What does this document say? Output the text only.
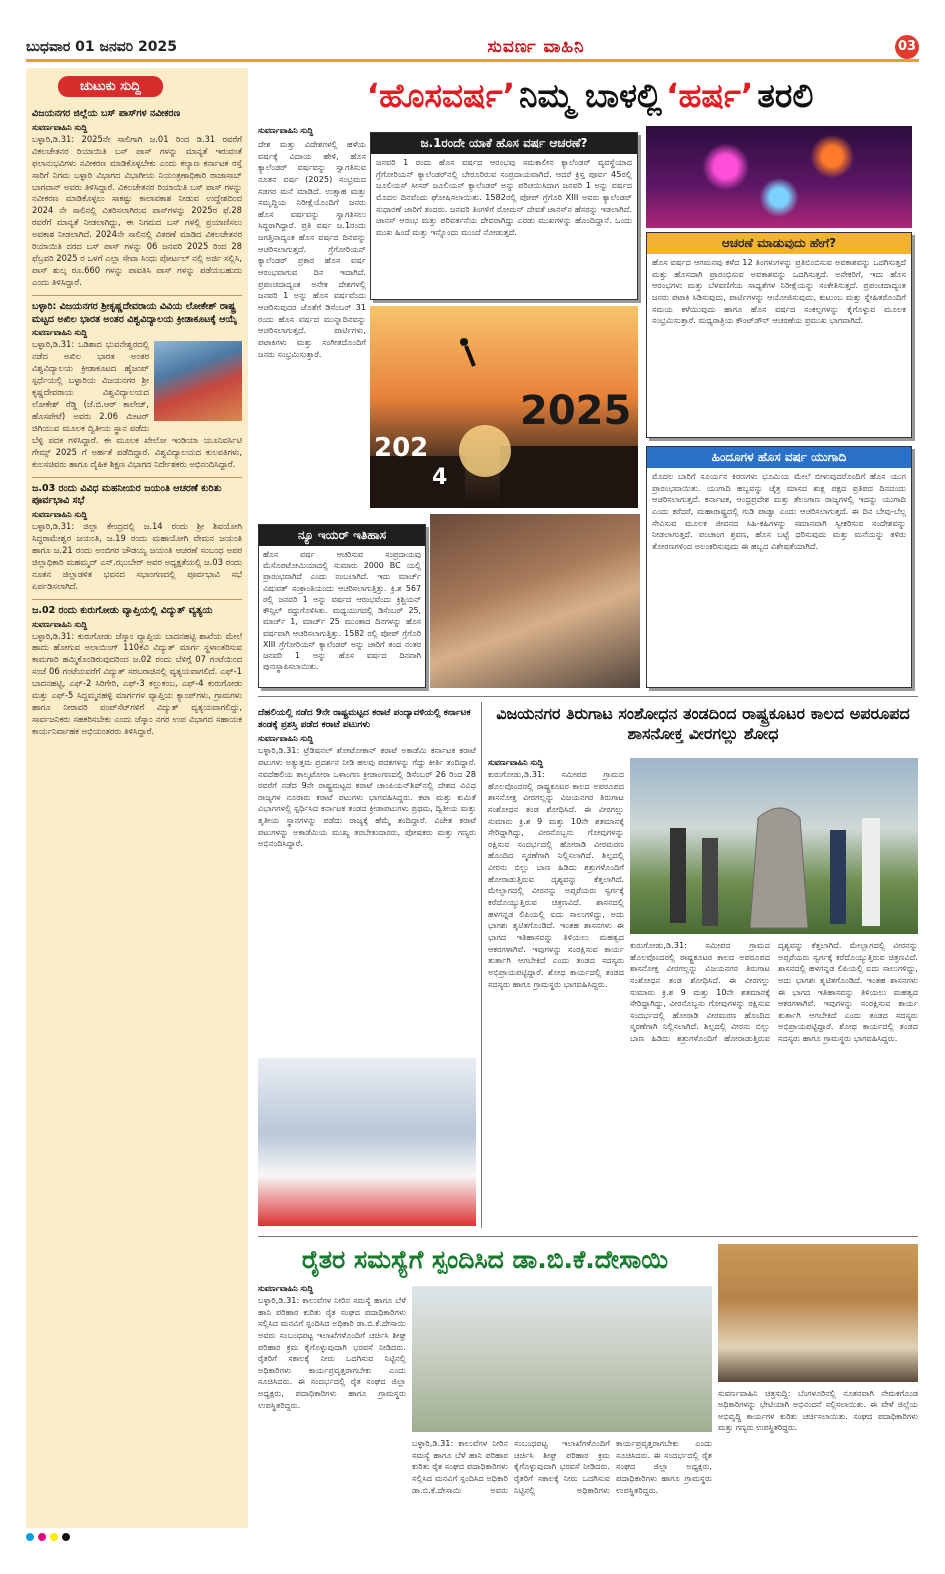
ಬುಧವಾರ 01 ಜನವರಿ 2025	ಸುವರ್ಣ ವಾಹಿನಿ	03
ಚುಟುಕು ಸುದ್ದಿ
ವಿಜಯನಗರ ಜಿಲ್ಲೆಯ ಬಸ್ ಪಾಸ್‌ಗಳ ನವೀಕರಣ
ಸುವರ್ಣವಾಹಿನಿ ಸುದ್ದಿ
ಬಳ್ಳಾರಿ,ಡಿ.31: 2025ನೇ ಸಾಲಿಗಾಗಿ ಜ.01 ರಿಂದ ಡಿ.31 ರವರೆಗೆ ವಿಕಲಚೇತನರ ರಿಯಾಯಿತಿ ಬಸ್ ಪಾಸ್ ಗಳನ್ನು ಮಾನ್ಯತೆ ಇರುವಂತೆ ಫಲಾನುಭವಿಗಳು ನವೀಕರಣ ಮಾಡಿಕೊಳ್ಳಬೇಕು ಎಂದು ಕಲ್ಯಾಣ ಕರ್ನಾಟಕ ರಸ್ತೆ ಸಾರಿಗೆ ನಿಗಮ ಬಳ್ಳಾರಿ ವಿಭಾಗದ ವಿಭಾಗೀಯ ನಿಯಂತ್ರಣಾಧಿಕಾರಿ ರಾಜಾಸಾಬ್ ಬಾಗವಾನ್ ಅವರು ತಿಳಿಸಿದ್ದಾರೆ. ವಿಕಲಚೇತನರ ರಿಯಾಯಿತಿ ಬಸ್ ಪಾಸ್ ಗಳನ್ನು ನವೀಕರಣ ಮಾಡಿಕೊಳ್ಳಲು ಸಾಕಷ್ಟು ಕಾಲಾವಕಾಶ ನೀಡುವ ಉದ್ದೇಶದಿಂದ 2024 ನೇ ಸಾಲಿನಲ್ಲಿ ವಿತರಿಸಲಾಗಿರುವ ಪಾಸ್‌ಗಳನ್ನು 2025ರ ಫೆ.28 ರವರೆಗೆ ಮಾನ್ಯತೆ ನೀಡಲಾಗಿದ್ದು, ಈ ನಿಗಮದ ಬಸ್ ಗಳಲ್ಲಿ ಪ್ರಯಾಣಿಸಲು ಅವಕಾಶ ನೀಡಲಾಗಿದೆ. 2024ನೇ ಸಾಲಿನಲ್ಲಿ ವಿತರಣೆ ಮಾಡಿದ ವಿಕಲಚೇತನರ ರಿಯಾಯಿತಿ ದರದ ಬಸ್ ಪಾಸ್ ಗಳನ್ನು 06 ಜನವರಿ 2025 ರಿಂದ 28 ಫೆಬ್ರವರಿ 2025 ರ ಒಳಗೆ ಎಲ್ಲಾ ಸೇವಾ ಸಿಂಧು ಪೋರ್ಟಲ್ ನಲ್ಲಿ ಅರ್ಜಿ ಸಲ್ಲಿಸಿ, ಪಾಸ್ ಶುಲ್ಕ ರೂ.660 ಗಳನ್ನು ಪಾವತಿಸಿ ಪಾಸ್ ಗಳನ್ನು ಪಡೆಯಬಹುದು ಎಂದು ತಿಳಿಸಿದ್ದಾರೆ.
ಬಳ್ಳಾರಿ: ವಿಜಯನಗರ ಶ್ರೀಕೃಷ್ಣದೇವರಾಯ ವಿವಿಯ ಲೋಕೇಶ್ ರಾಷ್ಟ್ರ ಮಟ್ಟದ ಅಖಿಲ ಭಾರತ ಅಂತರ ವಿಶ್ವವಿದ್ಯಾಲಯ ಕ್ರೀಡಾಕೂಟಕ್ಕೆ ಆಯ್ಕೆ
ಸುವರ್ಣವಾಹಿನಿ ಸುದ್ದಿ
ಬಳ್ಳಾರಿ,ಡಿ.31: ಒಡಿಶಾದ ಭುವನೇಶ್ವರದಲ್ಲಿ ನಡೆದ ಅಖಿಲ ಭಾರತ ಅಂತರ ವಿಶ್ವವಿದ್ಯಾಲಯ ಕ್ರೀಡಾಕೂಟದ ಹೈಜಂಪ್ ಸ್ಪರ್ಧೆಯಲ್ಲಿ ಬಳ್ಳಾರಿಯ ವಿಜಯನಗರ ಶ್ರೀ ಕೃಷ್ಣದೇವರಾಯ ವಿಶ್ವವಿದ್ಯಾಲಯದ ಲೋಕೇಶ್ ರೆಡ್ಡಿ (ಜೆ.ಬಿ.ಆರ್ ಕಾಲೇಜ್, ಹೊಸಪೇಟೆ) ಅವರು 2.06 ಮೀಟರ್ ಜಿಗಿಯುವ ಮೂಲಕ ದ್ವಿತೀಯ ಸ್ಥಾನ ಪಡೆದು ಬೆಳ್ಳಿ ಪದಕ ಗಳಿಸಿದ್ದಾರೆ. ಈ ಮೂಲಕ ಖೇಲೋ ಇಂಡಿಯಾ ಯೂನಿವರ್ಸಿಟಿ ಗೇಮ್ಸ್ 2025 ಗೆ ಅರ್ಹತೆ ಪಡೆದಿದ್ದಾರೆ. ವಿಶ್ವವಿದ್ಯಾಲಯದ ಕುಲಪತಿಗಳು, ಕುಲಸಚಿವರು ಹಾಗೂ ದೈಹಿಕ ಶಿಕ್ಷಣ ವಿಭಾಗದ ನಿರ್ದೇಶಕರು ಅಭಿನಂದಿಸಿದ್ದಾರೆ.
ಜ.03 ರಂದು ವಿವಿಧ ಮಹನೀಯರ ಜಯಂತಿ ಆಚರಣೆ ಕುರಿತು ಪೂರ್ವಭಾವಿ ಸಭೆ
ಸುವರ್ಣವಾಹಿನಿ ಸುದ್ದಿ
ಬಳ್ಳಾರಿ,ಡಿ.31: ಜಿಲ್ಲಾ ಕೇಂದ್ರದಲ್ಲಿ ಜ.14 ರಂದು ಶ್ರೀ ಶಿವಯೋಗಿ ಸಿದ್ಧರಾಮೇಶ್ವರ ಜಯಂತಿ, ಜ.19 ರಂದು ಮಹಾಯೋಗಿ ವೇಮನ ಜಯಂತಿ ಹಾಗೂ ಜ.21 ರಂದು ಅಂಬಿಗರ ಚೌಡಯ್ಯ ಜಯಂತಿ ಆಚರಣೆ ಸಂಬಂಧ ಅಪರ ಜಿಲ್ಲಾಧಿಕಾರಿ ಮಹಮ್ಮದ್ ಎನ್.ಝುಬೇರ್ ಅವರ ಅಧ್ಯಕ್ಷತೆಯಲ್ಲಿ ಜ.03 ರಂದು ನೂತನ ಜಿಲ್ಲಾಡಳಿತ ಭವನದ ಸಭಾಂಗಣದಲ್ಲಿ ಪೂರ್ವಭಾವಿ ಸಭೆ ಏರ್ಪಡಿಸಲಾಗಿದೆ.
ಜ.02 ರಂದು ಕುರುಗೋಡು ವ್ಯಾಪ್ತಿಯಲ್ಲಿ ವಿದ್ಯುತ್ ವ್ಯತ್ಯಯ
ಸುವರ್ಣವಾಹಿನಿ ಸುದ್ದಿ
ಬಳ್ಳಾರಿ,ಡಿ.31: ಕುರುಗೋಡು ಜೆಸ್ಕಾಂ ವ್ಯಾಪ್ತಿಯ ಬಾದನಹಟ್ಟಿ ಶಾಖೆಯ ಮೇಲೆ ಹಾದು ಹೋಗುವ ಅಲಾಯಿಂಗ್ 110ಕೆವಿ ವಿದ್ಯುತ್ ಮಾರ್ಗ ಸ್ಥಳಾಂತರಿಸುವ ಕಾಮಗಾರಿ ಹಮ್ಮಿಕೊಂಡಿರುವುದರಿಂದ ಜ.02 ರಂದು ಬೆಳಿಗ್ಗೆ 07 ಗಂಟೆಯಿಂದ ಸಂಜೆ 06 ಗಂಟೆಯವರೆಗೆ ವಿದ್ಯುತ್ ಸರಬರಾಜಿನಲ್ಲಿ ವ್ಯತ್ಯಯವಾಗಲಿದೆ. ಎಫ್-1 ಬಾದನಹಟ್ಟಿ, ಎಫ್-2 ಸಿರಿಗೇರಿ, ಎಫ್-3 ಕಲ್ಲುಕಂಬ, ಎಫ್-4 ಕುರುಗೋಡು ಮತ್ತು ಎಫ್-5 ಸಿದ್ದಮ್ಮನಹಳ್ಳಿ ಮಾರ್ಗಗಳ ವ್ಯಾಪ್ತಿಯ ಕ್ಯಾಂಪ್‌ಗಳು, ಗ್ರಾಮಗಳು ಹಾಗೂ ನೀರಾವರಿ ಪಂಪ್‌ಸೆಟ್‌ಗಳಿಗೆ ವಿದ್ಯುತ್ ವ್ಯತ್ಯಯವಾಗಲಿದ್ದು, ಸಾರ್ವಜನಿಕರು ಸಹಕರಿಸಬೇಕು ಎಂದು ಜೆಸ್ಕಾಂ ನಗರ ಉಪ ವಿಭಾಗದ ಸಹಾಯಕ ಕಾರ್ಯನಿರ್ವಾಹಕ ಅಭಿಯಂತರರು ತಿಳಿಸಿದ್ದಾರೆ.
‘ಹೊಸವರ್ಷ’ ನಿಮ್ಮ ಬಾಳಲ್ಲಿ ‘ಹರ್ಷ’ ತರಲಿ
ಸುವರ್ಣವಾಹಿನಿ ಸುದ್ದಿ
ದೇಶ ಮತ್ತು ವಿದೇಶಗಳಲ್ಲಿ ಹಳೆಯ ವರ್ಷಕ್ಕೆ ವಿದಾಯ ಹೇಳಿ, ಹೊಸ ಕ್ಯಾಲೆಂಡರ್ ವರ್ಷವನ್ನು ಸ್ವಾಗತಿಸುವ ನೂತನ ವರ್ಷ (2025) ಸಂಭ್ರಮದ ಸಡಗರ ಮನೆ ಮಾಡಿದೆ. ಉತ್ಸಾಹ ಮತ್ತು ಸಮೃದ್ಧಿಯ ನಿರೀಕ್ಷೆಯೊಂದಿಗೆ ಜನರು ಹೊಸ ವರ್ಷವನ್ನು ಸ್ವಾಗತಿಸಲು ಸಿದ್ಧರಾಗಿದ್ದಾರೆ. ಪ್ರತಿ ವರ್ಷ ಜ.1ರಂದು ಜಗತ್ತಿನಾದ್ಯಂತ ಹೊಸ ವರ್ಷದ ದಿನವನ್ನು ಆಚರಿಸಲಾಗುತ್ತದೆ. ಗ್ರೆಗೋರಿಯನ್ ಕ್ಯಾಲೆಂಡರ್ ಪ್ರಕಾರ ಹೊಸ ವರ್ಷ ಆರಂಭವಾಗುವ ದಿನ ಇದಾಗಿದೆ. ಪ್ರಪಂಚದಾದ್ಯಂತ ಅನೇಕ ದೇಶಗಳಲ್ಲಿ ಜನವರಿ 1 ಅನ್ನು ಹೊಸ ವರ್ಷವೆಂದು ಆಚರಿಸುವುದರ ಜೊತೆಗೆ ಡಿಸೆಂಬರ್ 31 ರಂದು ಹೊಸ ವರ್ಷದ ಮುನ್ನಾದಿನವನ್ನು ಆಚರಿಸಲಾಗುತ್ತದೆ. ಪಾರ್ಟಿಗಳು, ಪಟಾಕಿಗಳು ಮತ್ತು ಸಂಗೀತದೊಂದಿಗೆ ಜನರು ಸಂಭ್ರಮಿಸುತ್ತಾರೆ.
ಜ.1ರಂದೇ ಯಾಕೆ ಹೊಸ ವರ್ಷ ಆಚರಣೆ?
ಜನವರಿ 1 ರಂದು ಹೊಸ ವರ್ಷದ ಆರಂಭವು ಸಮಕಾಲೀನ ಕ್ಯಾಲೆಂಡರ್ ವ್ಯವಸ್ಥೆಯಾದ ಗ್ರೆಗೋರಿಯನ್ ಕ್ಯಾಲೆಂಡರ್‌ನಲ್ಲಿ ಬೇರೂರಿರುವ ಸಂಪ್ರದಾಯವಾಗಿದೆ. ಆದರೆ ಕ್ರಿಸ್ತ ಪೂರ್ವ 45ರಲ್ಲಿ ಜೂಲಿಯಸ್ ಸೀಸರ್ ಜೂಲಿಯನ್ ಕ್ಯಾಲೆಂಡರ್ ಅನ್ನು ಪರಿಚಯಿಸಿದಾಗ ಜನವರಿ 1 ಅನ್ನು ವರ್ಷದ ಮೊದಲ ದಿನವೆಂದು ಘೋಷಿಸಲಾಯಿತು. 1582ರಲ್ಲಿ ಪೋಪ್ ಗ್ರೆಗೊರಿ XIII ಅವರು ಕ್ಯಾಲೆಂಡರ್ ಸುಧಾರಣೆ ಜಾರಿಗೆ ತಂದರು. ಜನವರಿ ತಿಂಗಳಿಗೆ ರೋಮನ್ ದೇವತೆ ಜಾನಸ್‌ನ ಹೆಸರನ್ನು ಇಡಲಾಗಿದೆ. ಜಾನಸ್ ಆರಂಭ ಮತ್ತು ಪರಿವರ್ತನೆಯ ದೇವರಾಗಿದ್ದು ಎರಡು ಮುಖಗಳನ್ನು ಹೊಂದಿದ್ದಾನೆ. ಒಂದು ಮುಖ ಹಿಂದೆ ಮತ್ತು ಇನ್ನೊಂದು ಮುಂದೆ ನೋಡುತ್ತದೆ.
ಆಚರಣೆ ಮಾಡುವುದು ಹೇಗೆ?
ಹೊಸ ವರ್ಷದ ಆಗಮನವು ಕಳೆದ 12 ತಿಂಗಳುಗಳನ್ನು ಪ್ರತಿಬಿಂಬಿಸುವ ಅವಕಾಶವನ್ನು ಒದಗಿಸುತ್ತದೆ ಮತ್ತು ಹೊಸದಾಗಿ ಪ್ರಾರಂಭಿಸುವ ಅವಕಾಶವನ್ನು ಒದಗಿಸುತ್ತದೆ. ಅನೇಕರಿಗೆ, ಇದು ಹೊಸ ಆರಂಭಗಳು ಮತ್ತು ಬೆಳವಣಿಗೆಯ ಸಾಧ್ಯತೆಗಳ ನಿರೀಕ್ಷೆಯನ್ನು ಸಂಕೇತಿಸುತ್ತದೆ. ಪ್ರಪಂಚದಾದ್ಯಂತ ಜನರು ಪಟಾಕಿ ಸಿಡಿಸುವುದು, ಪಾರ್ಟಿಗಳನ್ನು ಆಯೋಜಿಸುವುದು, ಕುಟುಂಬ ಮತ್ತು ಸ್ನೇಹಿತರೊಂದಿಗೆ ಸಮಯ ಕಳೆಯುವುದು ಹಾಗೂ ಹೊಸ ವರ್ಷದ ಸಂಕಲ್ಪಗಳನ್ನು ಕೈಗೊಳ್ಳುವ ಮೂಲಕ ಸಂಭ್ರಮಿಸುತ್ತಾರೆ. ಮಧ್ಯರಾತ್ರಿಯ ಕೌಂಟ್‌ಡೌನ್ ಆಚರಣೆಯ ಪ್ರಮುಖ ಭಾಗವಾಗಿದೆ.
2025
202
4
ಹಿಂದೂಗಳ ಹೊಸ ವರ್ಷ ಯುಗಾದಿ
ಮೊದಲ ಬಾರಿಗೆ ಸೂರ್ಯನ ಕಿರಣಗಳು ಭೂಮಿಯ ಮೇಲೆ ಬೀಳುವುದರೊಂದಿಗೆ ಹೊಸ ಯುಗ ಪ್ರಾರಂಭವಾಯಿತು. ಯುಗಾದಿ ಹಬ್ಬವನ್ನು ಚೈತ್ರ ಮಾಸದ ಶುಕ್ಲ ಪಕ್ಷದ ಪ್ರತಿಪದ ದಿನದಂದು ಆಚರಿಸಲಾಗುತ್ತದೆ. ಕರ್ನಾಟಕ, ಆಂಧ್ರಪ್ರದೇಶ ಮತ್ತು ತೆಲಂಗಾಣ ರಾಜ್ಯಗಳಲ್ಲಿ ಇದನ್ನು ಯುಗಾದಿ ಎಂದು ಕರೆದರೆ, ಮಹಾರಾಷ್ಟ್ರದಲ್ಲಿ ಗುಡಿ ಪಾಡ್ವಾ ಎಂದು ಆಚರಿಸಲಾಗುತ್ತದೆ. ಈ ದಿನ ಬೇವು-ಬೆಲ್ಲ ಸೇವಿಸುವ ಮೂಲಕ ಜೀವನದ ಸಿಹಿ-ಕಹಿಗಳನ್ನು ಸಮಾನವಾಗಿ ಸ್ವೀಕರಿಸುವ ಸಂದೇಶವನ್ನು ನೀಡಲಾಗುತ್ತದೆ. ಪಂಚಾಂಗ ಶ್ರವಣ, ಹೊಸ ಬಟ್ಟೆ ಧರಿಸುವುದು ಮತ್ತು ಮನೆಯನ್ನು ತಳಿರು ತೋರಣಗಳಿಂದ ಅಲಂಕರಿಸುವುದು ಈ ಹಬ್ಬದ ವಿಶೇಷತೆಯಾಗಿದೆ.
ನ್ಯೂ ಇಯರ್ ಇತಿಹಾಸ
ಹೊಸ ವರ್ಷ ಆಚರಿಸುವ ಸಂಪ್ರದಾಯವು ಮೆಸೊಪಟೋಮಿಯಾದಲ್ಲಿ ಸುಮಾರು 2000 BC ಯಲ್ಲಿ ಪ್ರಾರಂಭವಾಗಿದೆ ಎಂದು ನಂಬಲಾಗಿದೆ. ಇದು ಮಾರ್ಚ್ ವಿಷುವತ್ ಸಂಕ್ರಾಂತಿಯಂದು ಆಚರಿಸಲಾಗುತ್ತಿತ್ತು. ಕ್ರಿ.ಶ 567 ರಲ್ಲಿ ಜನವರಿ 1 ಅನ್ನು ವರ್ಷದ ಆರಂಭವೆಂದು ಕ್ರಿಶ್ಚಿಯನ್ ಕೌನ್ಸಿಲ್ ರದ್ದುಗೊಳಿಸಿತು. ಮಧ್ಯಯುಗದಲ್ಲಿ ಡಿಸೆಂಬರ್ 25, ಮಾರ್ಚ್ 1, ಮಾರ್ಚ್ 25 ಮುಂತಾದ ದಿನಗಳನ್ನು ಹೊಸ ವರ್ಷವಾಗಿ ಆಚರಿಸಲಾಗುತ್ತಿತ್ತು. 1582 ರಲ್ಲಿ ಪೋಪ್ ಗ್ರೆಗೊರಿ XIII ಗ್ರೆಗೋರಿಯನ್ ಕ್ಯಾಲೆಂಡರ್ ಅನ್ನು ಜಾರಿಗೆ ತಂದ ನಂತರ ಜನವರಿ 1 ಅನ್ನು ಹೊಸ ವರ್ಷದ ದಿನವಾಗಿ ಪುನಃಸ್ಥಾಪಿಸಲಾಯಿತು.
ದೆಹಲಿಯಲ್ಲಿ ನಡೆದ 9ನೇ ರಾಷ್ಟ್ರಮಟ್ಟದ ಕರಾಟೆ ಪಂದ್ಯಾವಳಿಯಲ್ಲಿ ಕರ್ನಾಟಕ ತಂಡಕ್ಕೆ ಪ್ರಶಸ್ತಿ ಪಡೆದ ಕರಾಟೆ ಪಟುಗಳು
ಸುವರ್ಣವಾಹಿನಿ ಸುದ್ದಿ
ಬಳ್ಳಾರಿ,ಡಿ.31: ಟ್ರೆಡಿಷನಲ್ ಶೋಟೋಕಾನ್ ಕರಾಟೆ ಅಕಾಡೆಮಿ ಕರ್ನಾಟಕ ಕರಾಟೆ ಪಟುಗಳು ಅತ್ಯುತ್ತಮ ಪ್ರದರ್ಶನ ನೀಡಿ ಹಲವು ಪದಕಗಳನ್ನು ಗೆದ್ದು ಕೀರ್ತಿ ತಂದಿದ್ದಾರೆ. ನವದೆಹಲಿಯ ತಾಲ್ಕಟೋರಾ ಒಳಾಂಗಣ ಕ್ರೀಡಾಂಗಣದಲ್ಲಿ ಡಿಸೆಂಬರ್ 26 ರಿಂದ 28 ರವರೆಗೆ ನಡೆದ 9ನೇ ರಾಷ್ಟ್ರಮಟ್ಟದ ಕರಾಟೆ ಚಾಂಪಿಯನ್‌ಶಿಪ್‌ನಲ್ಲಿ ದೇಶದ ವಿವಿಧ ರಾಜ್ಯಗಳ ನೂರಾರು ಕರಾಟೆ ಪಟುಗಳು ಭಾಗವಹಿಸಿದ್ದರು. ಕಟಾ ಮತ್ತು ಕುಮಿತೆ ವಿಭಾಗಗಳಲ್ಲಿ ಸ್ಪರ್ಧಿಸಿದ ಕರ್ನಾಟಕ ತಂಡದ ಕ್ರೀಡಾಪಟುಗಳು ಪ್ರಥಮ, ದ್ವಿತೀಯ ಮತ್ತು ತೃತೀಯ ಸ್ಥಾನಗಳನ್ನು ಪಡೆದು ರಾಜ್ಯಕ್ಕೆ ಹೆಮ್ಮೆ ತಂದಿದ್ದಾರೆ. ವಿಜೇತ ಕರಾಟೆ ಪಟುಗಳನ್ನು ಅಕಾಡೆಮಿಯ ಮುಖ್ಯ ತರಬೇತುದಾರರು, ಪೋಷಕರು ಮತ್ತು ಗಣ್ಯರು ಅಭಿನಂದಿಸಿದ್ದಾರೆ.
ವಿಜಯನಗರ ತಿರುಗಾಟ ಸಂಶೋಧನ ತಂಡದಿಂದ ರಾಷ್ಟ್ರಕೂಟರ ಕಾಲದ ಅಪರೂಪದ ಶಾಸನೋಕ್ತ ವೀರಗಲ್ಲು ಶೋಧ
ಸುವರ್ಣವಾಹಿನಿ ಸುದ್ದಿ
ಕುರುಗೋಡು,ಡಿ.31: ಸಮೀಪದ ಗ್ರಾಮದ ಹೊಲವೊಂದರಲ್ಲಿ ರಾಷ್ಟ್ರಕೂಟರ ಕಾಲದ ಅಪರೂಪದ ಶಾಸನೋಕ್ತ ವೀರಗಲ್ಲನ್ನು ವಿಜಯನಗರ ತಿರುಗಾಟ ಸಂಶೋಧನ ತಂಡ ಶೋಧಿಸಿದೆ. ಈ ವೀರಗಲ್ಲು ಸುಮಾರು ಕ್ರಿ.ಶ 9 ಮತ್ತು 10ನೇ ಶತಮಾನಕ್ಕೆ ಸೇರಿದ್ದಾಗಿದ್ದು, ವೀರನೊಬ್ಬನು ಗೋವುಗಳನ್ನು ರಕ್ಷಿಸುವ ಸಂದರ್ಭದಲ್ಲಿ ಹೋರಾಡಿ ವೀರಮರಣ ಹೊಂದಿದ ಸ್ಮರಣೆಗಾಗಿ ನಿಲ್ಲಿಸಲಾಗಿದೆ. ಶಿಲ್ಪದಲ್ಲಿ ವೀರನು ಬಿಲ್ಲು ಬಾಣ ಹಿಡಿದು ಶತ್ರುಗಳೊಂದಿಗೆ ಹೋರಾಡುತ್ತಿರುವ ದೃಶ್ಯವನ್ನು ಕೆತ್ತಲಾಗಿದೆ. ಮೇಲ್ಭಾಗದಲ್ಲಿ ವೀರನನ್ನು ಅಪ್ಸರೆಯರು ಸ್ವರ್ಗಕ್ಕೆ ಕರೆದೊಯ್ಯುತ್ತಿರುವ ಚಿತ್ರಣವಿದೆ. ಶಾಸನದಲ್ಲಿ ಹಳಗನ್ನಡ ಲಿಪಿಯಲ್ಲಿ ಐದು ಸಾಲುಗಳಿದ್ದು, ಅದು ಭಾಗಶಃ ತೃಟಿತಗೊಂಡಿದೆ. ಇಂತಹ ಶಾಸನಗಳು ಈ ಭಾಗದ ಇತಿಹಾಸವನ್ನು ತಿಳಿಯಲು ಮಹತ್ವದ ಆಕರಗಳಾಗಿವೆ. ಇವುಗಳನ್ನು ಸಂರಕ್ಷಿಸುವ ಕಾರ್ಯ ತುರ್ತಾಗಿ ಆಗಬೇಕಿದೆ ಎಂದು ತಂಡದ ಸದಸ್ಯರು ಅಭಿಪ್ರಾಯಪಟ್ಟಿದ್ದಾರೆ. ಶೋಧ ಕಾರ್ಯದಲ್ಲಿ ತಂಡದ ಸದಸ್ಯರು ಹಾಗೂ ಗ್ರಾಮಸ್ಥರು ಭಾಗವಹಿಸಿದ್ದರು.
ಕುರುಗೋಡು,ಡಿ.31: ಸಮೀಪದ ಗ್ರಾಮದ ಹೊಲವೊಂದರಲ್ಲಿ ರಾಷ್ಟ್ರಕೂಟರ ಕಾಲದ ಅಪರೂಪದ ಶಾಸನೋಕ್ತ ವೀರಗಲ್ಲನ್ನು ವಿಜಯನಗರ ತಿರುಗಾಟ ಸಂಶೋಧನ ತಂಡ ಶೋಧಿಸಿದೆ. ಈ ವೀರಗಲ್ಲು ಸುಮಾರು ಕ್ರಿ.ಶ 9 ಮತ್ತು 10ನೇ ಶತಮಾನಕ್ಕೆ ಸೇರಿದ್ದಾಗಿದ್ದು, ವೀರನೊಬ್ಬನು ಗೋವುಗಳನ್ನು ರಕ್ಷಿಸುವ ಸಂದರ್ಭದಲ್ಲಿ ಹೋರಾಡಿ ವೀರಮರಣ ಹೊಂದಿದ ಸ್ಮರಣೆಗಾಗಿ ನಿಲ್ಲಿಸಲಾಗಿದೆ. ಶಿಲ್ಪದಲ್ಲಿ ವೀರನು ಬಿಲ್ಲು ಬಾಣ ಹಿಡಿದು ಶತ್ರುಗಳೊಂದಿಗೆ ಹೋರಾಡುತ್ತಿರುವ ದೃಶ್ಯವನ್ನು ಕೆತ್ತಲಾಗಿದೆ. ಮೇಲ್ಭಾಗದಲ್ಲಿ ವೀರನನ್ನು ಅಪ್ಸರೆಯರು ಸ್ವರ್ಗಕ್ಕೆ ಕರೆದೊಯ್ಯುತ್ತಿರುವ ಚಿತ್ರಣವಿದೆ. ಶಾಸನದಲ್ಲಿ ಹಳಗನ್ನಡ ಲಿಪಿಯಲ್ಲಿ ಐದು ಸಾಲುಗಳಿದ್ದು, ಅದು ಭಾಗಶಃ ತೃಟಿತಗೊಂಡಿದೆ. ಇಂತಹ ಶಾಸನಗಳು ಈ ಭಾಗದ ಇತಿಹಾಸವನ್ನು ತಿಳಿಯಲು ಮಹತ್ವದ ಆಕರಗಳಾಗಿವೆ. ಇವುಗಳನ್ನು ಸಂರಕ್ಷಿಸುವ ಕಾರ್ಯ ತುರ್ತಾಗಿ ಆಗಬೇಕಿದೆ ಎಂದು ತಂಡದ ಸದಸ್ಯರು ಅಭಿಪ್ರಾಯಪಟ್ಟಿದ್ದಾರೆ. ಶೋಧ ಕಾರ್ಯದಲ್ಲಿ ತಂಡದ ಸದಸ್ಯರು ಹಾಗೂ ಗ್ರಾಮಸ್ಥರು ಭಾಗವಹಿಸಿದ್ದರು.
ರೈತರ ಸಮಸ್ಯೆಗೆ ಸ್ಪಂದಿಸಿದ ಡಾ.ಬಿ.ಕೆ.ದೇಸಾಯಿ
ಸುವರ್ಣವಾಹಿನಿ ಸುದ್ದಿ
ಬಳ್ಳಾರಿ,ಡಿ.31: ಕಾಲುವೆಗಳ ನೀರಿನ ಸಮಸ್ಯೆ ಹಾಗೂ ಬೆಳೆ ಹಾನಿ ಪರಿಹಾರ ಕುರಿತು ರೈತ ಸಂಘದ ಪದಾಧಿಕಾರಿಗಳು ಸಲ್ಲಿಸಿದ ಮನವಿಗೆ ಸ್ಪಂದಿಸಿದ ಅಧಿಕಾರಿ ಡಾ.ಬಿ.ಕೆ.ದೇಸಾಯಿ ಅವರು ಸಂಬಂಧಪಟ್ಟ ಇಲಾಖೆಗಳೊಂದಿಗೆ ಚರ್ಚಿಸಿ ಶೀಘ್ರ ಪರಿಹಾರ ಕ್ರಮ ಕೈಗೊಳ್ಳುವುದಾಗಿ ಭರವಸೆ ನೀಡಿದರು. ರೈತರಿಗೆ ಸಕಾಲಕ್ಕೆ ನೀರು ಒದಗಿಸುವ ನಿಟ್ಟಿನಲ್ಲಿ ಅಧಿಕಾರಿಗಳು ಕಾರ್ಯಪ್ರವೃತ್ತರಾಗಬೇಕು ಎಂದು ಸೂಚಿಸಿದರು. ಈ ಸಂದರ್ಭದಲ್ಲಿ ರೈತ ಸಂಘದ ಜಿಲ್ಲಾ ಅಧ್ಯಕ್ಷರು, ಪದಾಧಿಕಾರಿಗಳು ಹಾಗೂ ಗ್ರಾಮಸ್ಥರು ಉಪಸ್ಥಿತರಿದ್ದರು.
ಬಳ್ಳಾರಿ,ಡಿ.31: ಕಾಲುವೆಗಳ ನೀರಿನ ಸಮಸ್ಯೆ ಹಾಗೂ ಬೆಳೆ ಹಾನಿ ಪರಿಹಾರ ಕುರಿತು ರೈತ ಸಂಘದ ಪದಾಧಿಕಾರಿಗಳು ಸಲ್ಲಿಸಿದ ಮನವಿಗೆ ಸ್ಪಂದಿಸಿದ ಅಧಿಕಾರಿ ಡಾ.ಬಿ.ಕೆ.ದೇಸಾಯಿ ಅವರು ಸಂಬಂಧಪಟ್ಟ ಇಲಾಖೆಗಳೊಂದಿಗೆ ಚರ್ಚಿಸಿ ಶೀಘ್ರ ಪರಿಹಾರ ಕ್ರಮ ಕೈಗೊಳ್ಳುವುದಾಗಿ ಭರವಸೆ ನೀಡಿದರು. ರೈತರಿಗೆ ಸಕಾಲಕ್ಕೆ ನೀರು ಒದಗಿಸುವ ನಿಟ್ಟಿನಲ್ಲಿ ಅಧಿಕಾರಿಗಳು ಕಾರ್ಯಪ್ರವೃತ್ತರಾಗಬೇಕು ಎಂದು ಸೂಚಿಸಿದರು. ಈ ಸಂದರ್ಭದಲ್ಲಿ ರೈತ ಸಂಘದ ಜಿಲ್ಲಾ ಅಧ್ಯಕ್ಷರು, ಪದಾಧಿಕಾರಿಗಳು ಹಾಗೂ ಗ್ರಾಮಸ್ಥರು ಉಪಸ್ಥಿತರಿದ್ದರು.
ಸುವರ್ಣವಾಹಿನಿ ಚಿತ್ರಸುದ್ದಿ: ಬೆಂಗಳೂರಿನಲ್ಲಿ ನೂತನವಾಗಿ ನೇಮಕಗೊಂಡ ಅಧಿಕಾರಿಗಳನ್ನು ಭೇಟಿಯಾಗಿ ಅಭಿನಂದನೆ ಸಲ್ಲಿಸಲಾಯಿತು. ಈ ವೇಳೆ ಜಿಲ್ಲೆಯ ಅಭಿವೃದ್ಧಿ ಕಾರ್ಯಗಳ ಕುರಿತು ಚರ್ಚಿಸಲಾಯಿತು. ಸಂಘದ ಪದಾಧಿಕಾರಿಗಳು ಮತ್ತು ಗಣ್ಯರು ಉಪಸ್ಥಿತರಿದ್ದರು.
